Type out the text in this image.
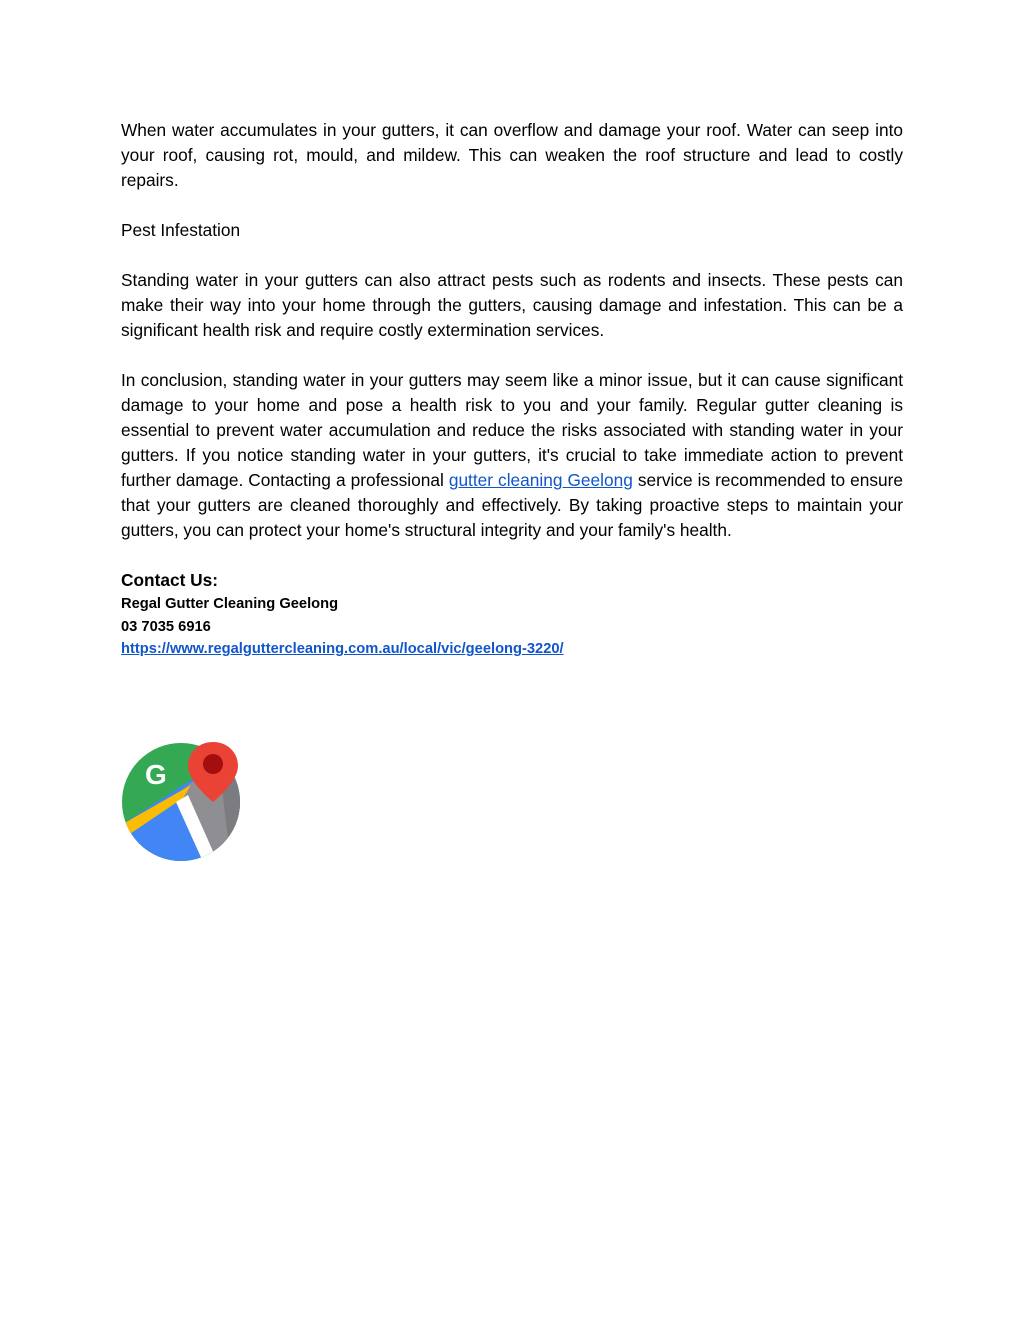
When water accumulates in your gutters, it can overflow and damage your roof. Water can seep into your roof, causing rot, mould, and mildew. This can weaken the roof structure and lead to costly repairs.

Pest Infestation

Standing water in your gutters can also attract pests such as rodents and insects. These pests can make their way into your home through the gutters, causing damage and infestation. This can be a significant health risk and require costly extermination services.

In conclusion, standing water in your gutters may seem like a minor issue, but it can cause significant damage to your home and pose a health risk to you and your family. Regular gutter cleaning is essential to prevent water accumulation and reduce the risks associated with standing water in your gutters. If you notice standing water in your gutters, it's crucial to take immediate action to prevent further damage. Contacting a professional gutter cleaning Geelong service is recommended to ensure that your gutters are cleaned thoroughly and effectively. By taking proactive steps to maintain your gutters, you can protect your home's structural integrity and your family's health.

Contact Us:

Regal Gutter Cleaning Geelong

03 7035 6916

https://www.regalguttercleaning.com.au/local/vic/geelong-3220/
G
